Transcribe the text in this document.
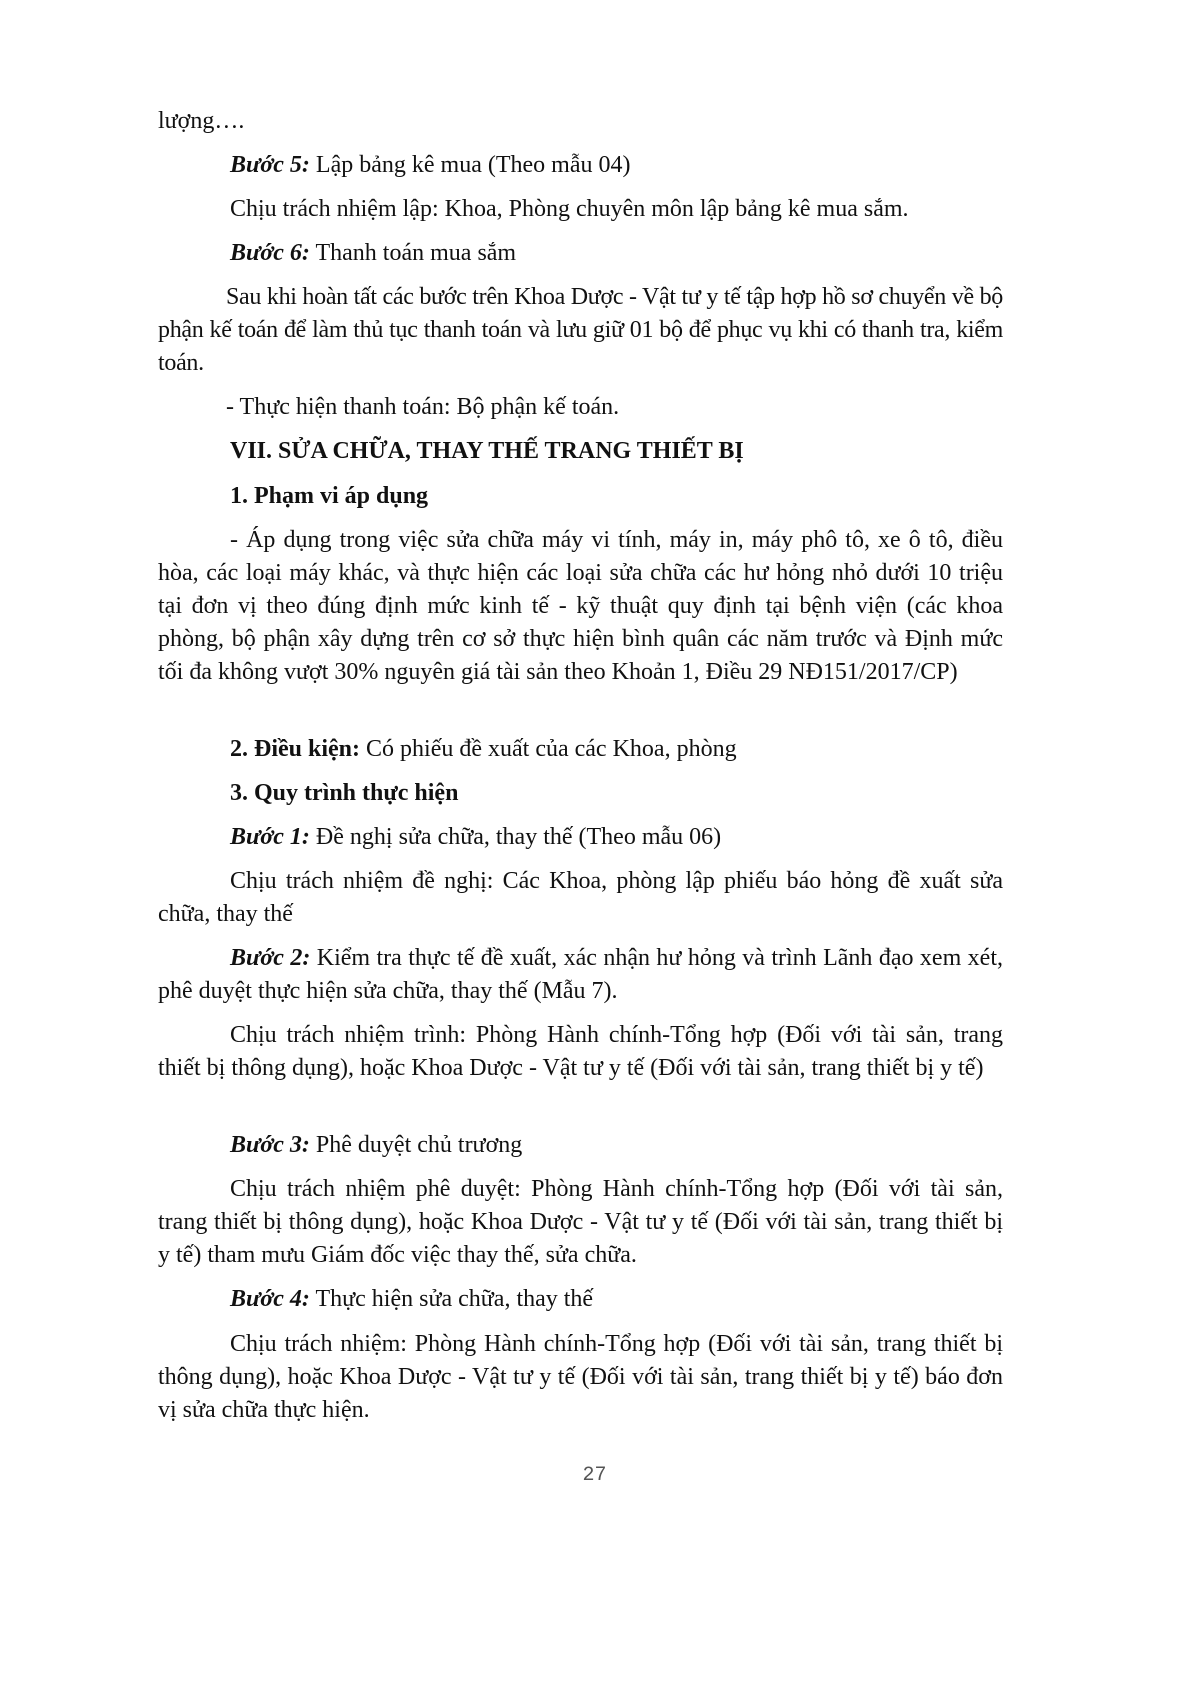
lượng….

Bước 5: Lập bảng kê mua (Theo mẫu 04)

Chịu trách nhiệm lập: Khoa, Phòng chuyên môn lập bảng kê mua sắm.

Bước 6: Thanh toán mua sắm

Sau khi hoàn tất các bước trên Khoa Dược - Vật tư y tế tập hợp hồ sơ chuyển về bộ phận kế toán để làm thủ tục thanh toán và lưu giữ 01 bộ để phục vụ khi có thanh tra, kiểm toán.

- Thực hiện thanh toán: Bộ phận kế toán.

VII. SỬA CHỮA, THAY THẾ TRANG THIẾT BỊ

1. Phạm vi áp dụng

- Áp dụng trong việc sửa chữa máy vi tính, máy in, máy phô tô, xe ô tô, điều hòa, các loại máy khác, và thực hiện các loại sửa chữa các hư hỏng nhỏ dưới 10 triệu tại đơn vị theo đúng định mức kinh tế - kỹ thuật quy định tại bệnh viện (các khoa phòng, bộ phận xây dựng trên cơ sở thực hiện bình quân các năm trước và Định mức tối đa không vượt 30% nguyên giá tài sản theo Khoản 1, Điều 29 NĐ151/2017/CP)

2. Điều kiện: Có phiếu đề xuất của các Khoa, phòng

3. Quy trình thực hiện

Bước 1: Đề nghị sửa chữa, thay thế (Theo mẫu 06)

Chịu trách nhiệm đề nghị: Các Khoa, phòng lập phiếu báo hỏng đề xuất sửa chữa, thay thế

Bước 2: Kiểm tra thực tế đề xuất, xác nhận hư hỏng và trình Lãnh đạo xem xét, phê duyệt thực hiện sửa chữa, thay thế (Mẫu 7).

Chịu trách nhiệm trình: Phòng Hành chính-Tổng hợp (Đối với tài sản, trang thiết bị thông dụng), hoặc Khoa Dược - Vật tư y tế (Đối với tài sản, trang thiết bị y tế)

Bước 3: Phê duyệt chủ trương

Chịu trách nhiệm phê duyệt: Phòng Hành chính-Tổng hợp (Đối với tài sản, trang thiết bị thông dụng), hoặc Khoa Dược - Vật tư y tế (Đối với tài sản, trang thiết bị y tế) tham mưu Giám đốc việc thay thế, sửa chữa.

Bước 4: Thực hiện sửa chữa, thay thế

Chịu trách nhiệm: Phòng Hành chính-Tổng hợp (Đối với tài sản, trang thiết bị thông dụng), hoặc Khoa Dược - Vật tư y tế (Đối với tài sản, trang thiết bị y tế) báo đơn vị sửa chữa thực hiện.

27
